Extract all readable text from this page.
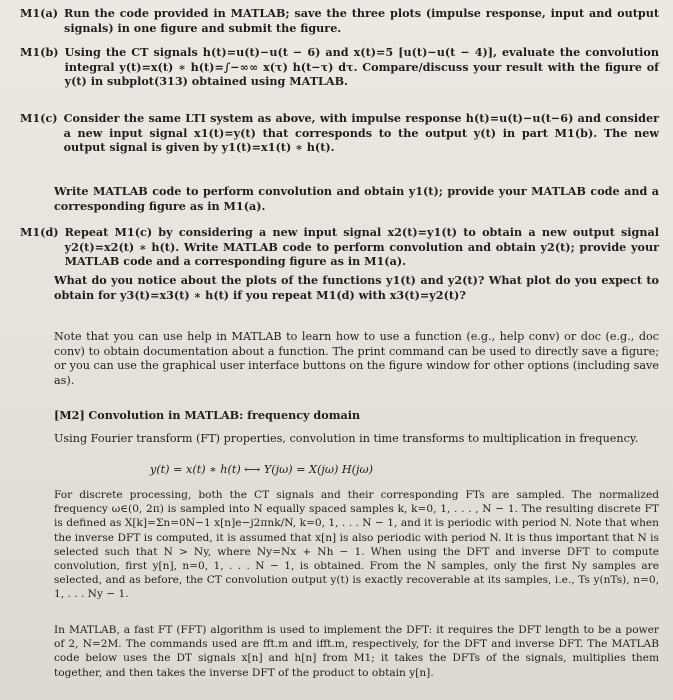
M1(a) Run the code provided in MATLAB; save the three plots (impulse response, input and output signals) in one figure and submit the figure.
M1(b) Using the CT signals h(t)=u(t)−u(t − 6) and x(t)=5 [u(t)−u(t − 4)], evaluate the convolution integral y(t)=x(t) ∗ h(t)=∫−∞∞ x(τ) h(t−τ) dτ. Compare/discuss your result with the figure of y(t) in subplot(313) obtained using MATLAB.
M1(c) Consider the same LTI system as above, with impulse response h(t)=u(t)−u(t−6) and consider a new input signal x1(t)=y(t) that corresponds to the output y(t) in part M1(b). The new output signal is given by y1(t)=x1(t) ∗ h(t).

Write MATLAB code to perform convolution and obtain y1(t); provide your MATLAB code and a corresponding figure as in M1(a).

M1(d) Repeat M1(c) by considering a new input signal x2(t)=y1(t) to obtain a new output signal y2(t)=x2(t) ∗ h(t). Write MATLAB code to perform convolution and obtain y2(t); provide your MATLAB code and a corresponding figure as in M1(a).

What do you notice about the plots of the functions y1(t) and y2(t)? What plot do you expect to obtain for y3(t)=x3(t) ∗ h(t) if you repeat M1(d) with x3(t)=y2(t)?

Note that you can use help in MATLAB to learn how to use a function (e.g., help conv) or doc (e.g., doc conv) to obtain documentation about a function. The print command can be used to directly save a figure; or you can use the graphical user interface buttons on the figure window for other options (including save as).

[M2] Convolution in MATLAB: frequency domain

Using Fourier transform (FT) properties, convolution in time transforms to multiplication in frequency.

y(t) = x(t) ∗ h(t) ⟷ Y(jω) = X(jω) H(jω)

For discrete processing, both the CT signals and their corresponding FTs are sampled. The normalized frequency ω∈(0, 2π) is sampled into N equally spaced samples k, k=0, 1, . . . , N − 1. The resulting discrete FT is defined as X[k]=Σn=0N−1 x[n]e−j2πnk/N, k=0, 1, . . . N − 1, and it is periodic with period N. Note that when the inverse DFT is computed, it is assumed that x[n] is also periodic with period N. It is thus important that N is selected such that N > Ny, where Ny=Nx + Nh − 1. When using the DFT and inverse DFT to compute convolution, first y[n], n=0, 1, . . . N − 1, is obtained. From the N samples, only the first Ny samples are selected, and as before, the CT convolution output y(t) is exactly recoverable at its samples, i.e., Ts y(nTs), n=0, 1, . . . Ny − 1.

In MATLAB, a fast FT (FFT) algorithm is used to implement the DFT: it requires the DFT length to be a power of 2, N=2M. The commands used are fft.m and ifft.m, respectively, for the DFT and inverse DFT. The MATLAB code below uses the DT signals x[n] and h[n] from M1; it takes the DFTs of the signals, multiplies them together, and then takes the inverse DFT of the product to obtain y[n].
